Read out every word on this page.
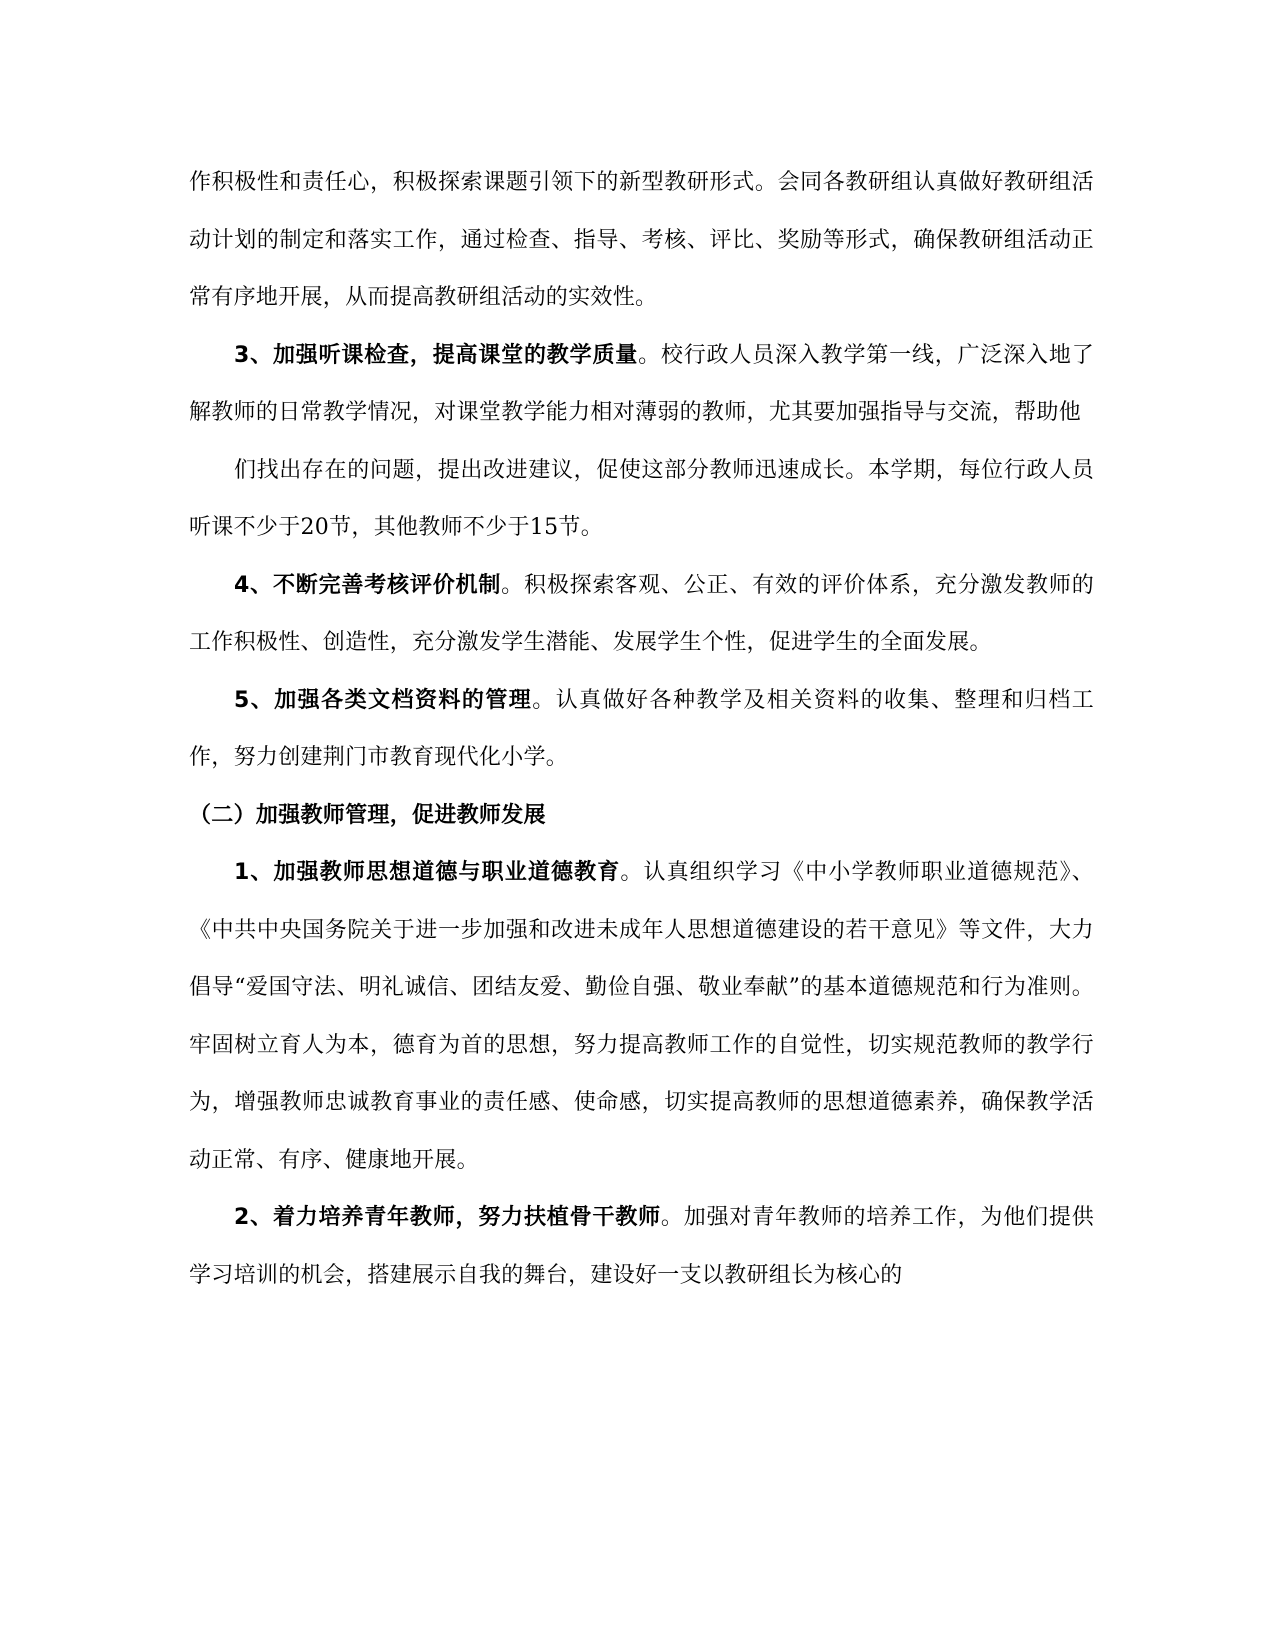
作积极性和责任心，积极探索课题引领下的新型教研形式。会同各教研组认真做好教研组活动计划的制定和落实工作，通过检查、指导、考核、评比、奖励等形式，确保教研组活动正常有序地开展，从而提高教研组活动的实效性。

3、加强听课检查，提高课堂的教学质量。校行政人员深入教学第一线，广泛深入地了解教师的日常教学情况，对课堂教学能力相对薄弱的教师，尤其要加强指导与交流，帮助他

们找出存在的问题，提出改进建议，促使这部分教师迅速成长。本学期，每位行政人员听课不少于20节，其他教师不少于15节。

4、不断完善考核评价机制。积极探索客观、公正、有效的评价体系，充分激发教师的工作积极性、创造性，充分激发学生潜能、发展学生个性，促进学生的全面发展。

5、加强各类文档资料的管理。认真做好各种教学及相关资料的收集、整理和归档工作，努力创建荆门市教育现代化小学。

（二）加强教师管理，促进教师发展

1、加强教师思想道德与职业道德教育。认真组织学习《中小学教师职业道德规范》、《中共中央国务院关于进一步加强和改进未成年人思想道德建设的若干意见》等文件，大力倡导“爱国守法、明礼诚信、团结友爱、勤俭自强、敬业奉献”的基本道德规范和行为准则。牢固树立育人为本，德育为首的思想，努力提高教师工作的自觉性，切实规范教师的教学行为，增强教师忠诚教育事业的责任感、使命感，切实提高教师的思想道德素养，确保教学活动正常、有序、健康地开展。

2、着力培养青年教师，努力扶植骨干教师。加强对青年教师的培养工作，为他们提供学习培训的机会，搭建展示自我的舞台，建设好一支以教研组长为核心的
